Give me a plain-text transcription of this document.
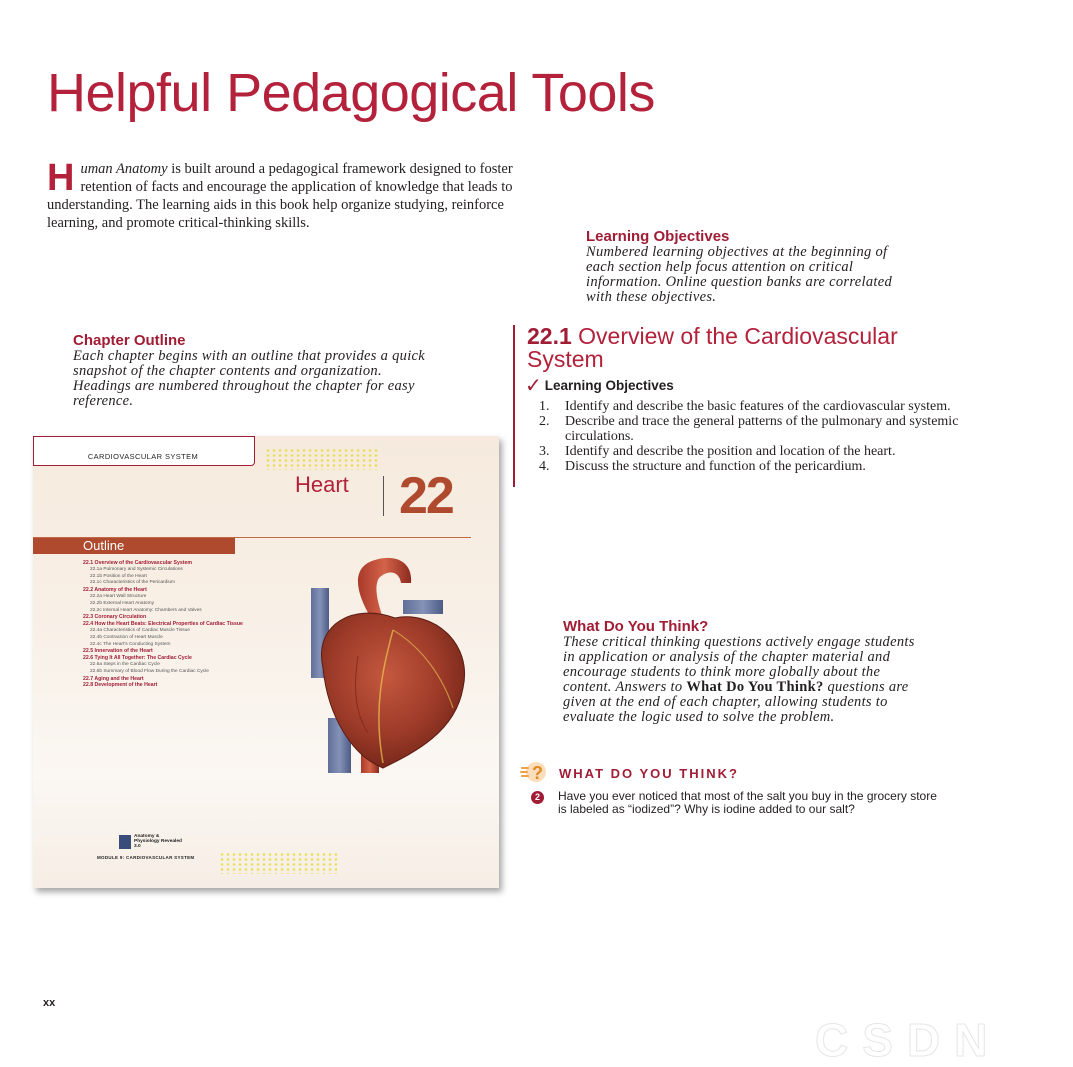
Helpful Pedagogical Tools
Human Anatomy is built around a pedagogical framework designed to foster retention of facts and encourage the application of knowledge that leads to understanding. The learning aids in this book help organize studying, reinforce learning, and promote critical-thinking skills.
Learning Objectives
Numbered learning objectives at the beginning of each section help focus attention on critical information. Online question banks are correlated with these objectives.
Chapter Outline
Each chapter begins with an outline that provides a quick snapshot of the chapter contents and organization. Headings are numbered throughout the chapter for easy reference.
22.1 Overview of the Cardiovascular System
✓ Learning Objectives
1.	Identify and describe the basic features of the cardiovascular system.
2.	Describe and trace the general patterns of the pulmonary and systemic circulations.
3.	Identify and describe the position and location of the heart.
4.	Discuss the structure and function of the pericardium.
CARDIOVASCULAR SYSTEM
Heart 22
Outline
22.1 Overview of the Cardiovascular System
22.1a Pulmonary and Systemic Circulations
22.1b Position of the Heart
22.1c Characteristics of the Pericardium
22.2 Anatomy of the Heart
22.2a Heart Wall Structure
22.2b External Heart Anatomy
22.2c Internal Heart Anatomy: Chambers and Valves
22.3 Coronary Circulation
22.4 How the Heart Beats: Electrical Properties of Cardiac Tissue
22.4a Characteristics of Cardiac Muscle Tissue
22.4b Contraction of Heart Muscle
22.4c The Heart's Conducting System
22.5 Innervation of the Heart
22.6 Tying It All Together: The Cardiac Cycle
22.6a Steps in the Cardiac Cycle
22.6b Summary of Blood Flow During the Cardiac Cycle
22.7 Aging and the Heart
22.8 Development of the Heart
Anatomy & Physiology Revealed 3.0
MODULE 9: CARDIOVASCULAR SYSTEM
What Do You Think?
These critical thinking questions actively engage students in application or analysis of the chapter material and encourage students to think more globally about the content. Answers to What Do You Think? questions are given at the end of each chapter, allowing students to evaluate the logic used to solve the problem.
? WHAT DO YOU THINK?
2	Have you ever noticed that most of the salt you buy in the grocery store is labeled as “iodized”? Why is iodine added to our salt?
xx
CSDN
